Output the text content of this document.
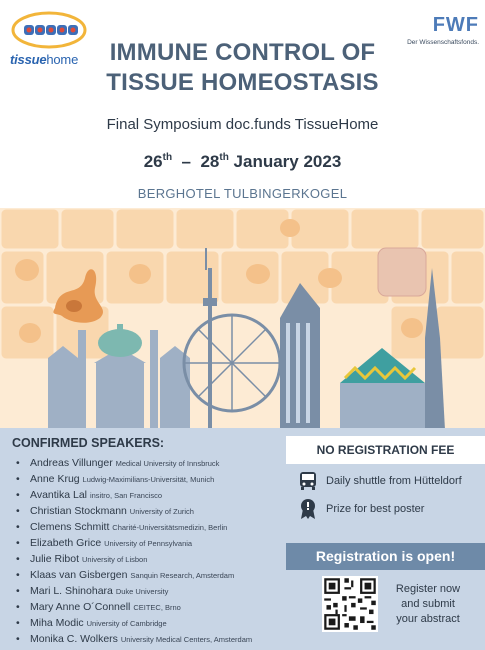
tissuehome
FWF
Der Wissenschaftsfonds.
IMMUNE CONTROL OF
TISSUE HOMEOSTASIS
Final Symposium doc.funds TissueHome
26th – 28th January 2023
BERGHOTEL TULBINGERKOGEL
CONFIRMED SPEAKERS:
• Andreas Villunger Medical University of Innsbruck
• Anne Krug Ludwig-Maximilians-Universität, Munich
• Avantika Lal insitro, San Francisco
• Christian Stockmann University of Zurich
• Clemens Schmitt Charité-Universitätsmedizin, Berlin
• Elizabeth Grice University of Pennsylvania
• Julie Ribot University of Lisbon
• Klaas van Gisbergen Sanquin Research, Amsterdam
• Mari L. Shinohara Duke University
• Mary Anne O´Connell CEITEC, Brno
• Miha Modic University of Cambridge
• Monika C. Wolkers University Medical Centers, Amsterdam
NO REGISTRATION FEE
Daily shuttle from Hütteldorf
Prize for best poster
Registration is open!
Register now
and submit
your abstract
